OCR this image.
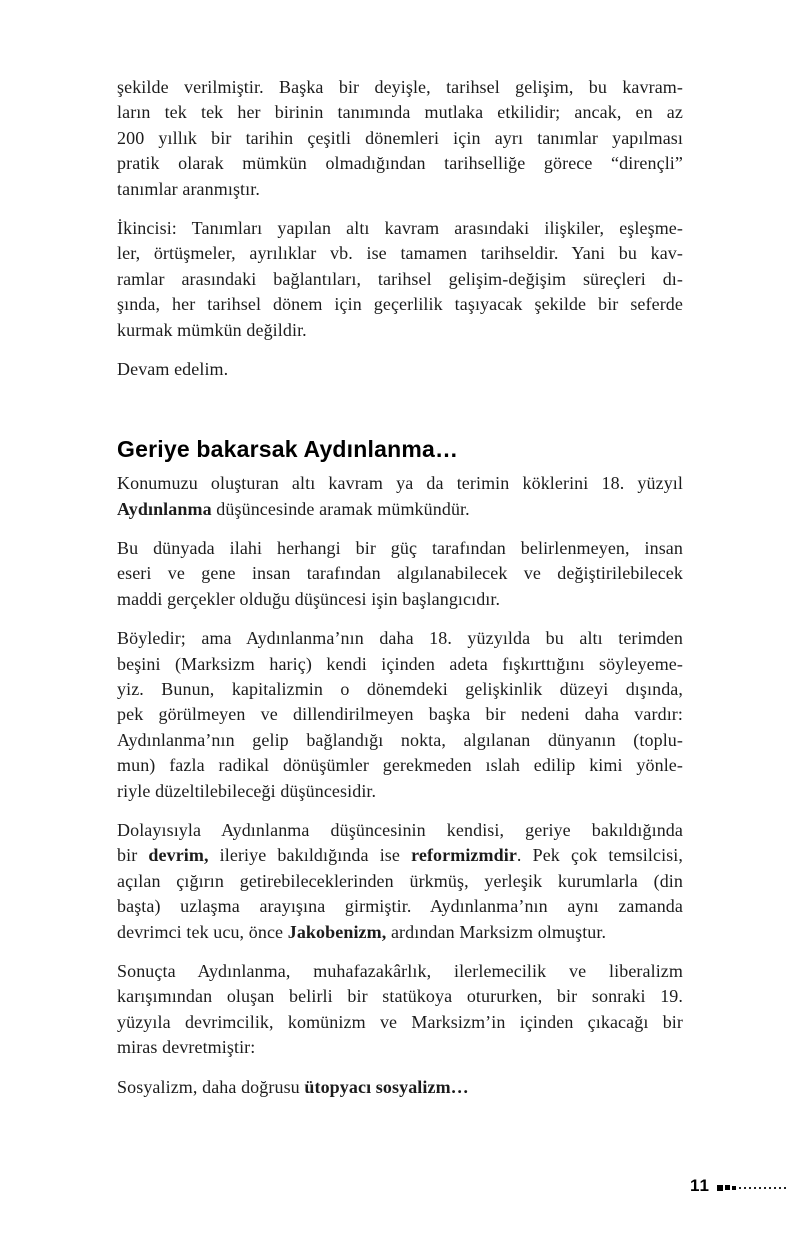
şekilde verilmiştir. Başka bir deyişle, tarihsel gelişim, bu kavram-
ların tek tek her birinin tanımında mutlaka etkilidir; ancak, en az
200 yıllık bir tarihin çeşitli dönemleri için ayrı tanımlar yapılması
pratik olarak mümkün olmadığından tarihselliğe görece “dirençli”
tanımlar aranmıştır.

İkincisi: Tanımları yapılan altı kavram arasındaki ilişkiler, eşleşme-
ler, örtüşmeler, ayrılıklar vb. ise tamamen tarihseldir. Yani bu kav-
ramlar arasındaki bağlantıları, tarihsel gelişim-değişim süreçleri dı-
şında, her tarihsel dönem için geçerlilik taşıyacak şekilde bir seferde
kurmak mümkün değildir.

Devam edelim.

Geriye bakarsak Aydınlanma…

Konumuzu oluşturan altı kavram ya da terimin köklerini 18. yüzyıl
Aydınlanma düşüncesinde aramak mümkündür.

Bu dünyada ilahi herhangi bir güç tarafından belirlenmeyen, insan
eseri ve gene insan tarafından algılanabilecek ve değiştirilebilecek
maddi gerçekler olduğu düşüncesi işin başlangıcıdır.

Böyledir; ama Aydınlanma’nın daha 18. yüzyılda bu altı terimden
beşini (Marksizm hariç) kendi içinden adeta fışkırttığını söyleyeme-
yiz. Bunun, kapitalizmin o dönemdeki gelişkinlik düzeyi dışında,
pek görülmeyen ve dillendirilmeyen başka bir nedeni daha vardır:
Aydınlanma’nın gelip bağlandığı nokta, algılanan dünyanın (toplu-
mun) fazla radikal dönüşümler gerekmeden ıslah edilip kimi yönle-
riyle düzeltilebileceği düşüncesidir.

Dolayısıyla Aydınlanma düşüncesinin kendisi, geriye bakıldığında
bir devrim, ileriye bakıldığında ise reformizmdir. Pek çok temsilcisi,
açılan çığırın getirebileceklerinden ürkmüş, yerleşik kurumlarla (din
başta) uzlaşma arayışına girmiştir. Aydınlanma’nın aynı zamanda
devrimci tek ucu, önce Jakobenizm, ardından Marksizm olmuştur.

Sonuçta Aydınlanma, muhafazakârlık, ilerlemecilik ve liberalizm
karışımından oluşan belirli bir statükoya otururken, bir sonraki 19.
yüzyıla devrimcilik, komünizm ve Marksizm’in içinden çıkacağı bir
miras devretmiştir:

Sosyalizm, daha doğrusu ütopyacı sosyalizm…

11
